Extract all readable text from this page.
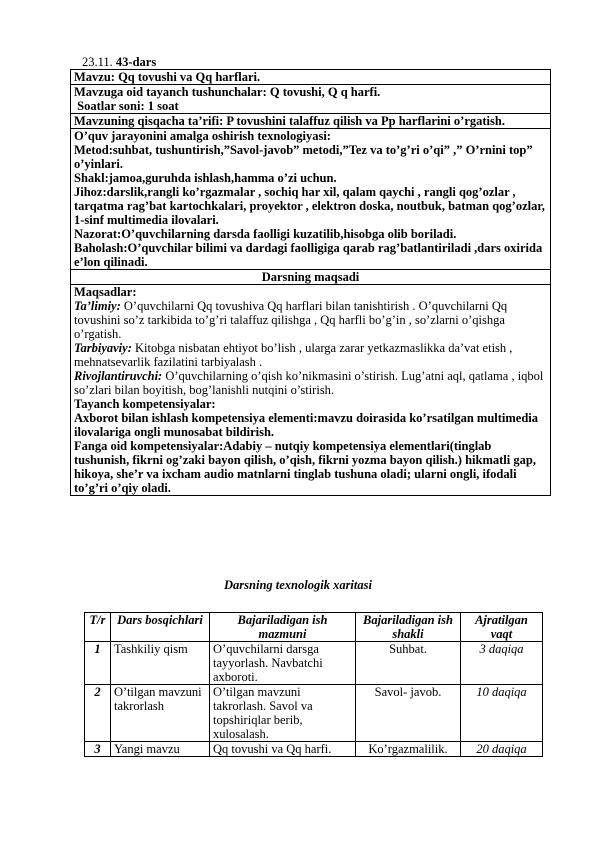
23.11. 43-dars
Mavzu: Qq tovushi va Qq harflari.

Mavzuga oid tayanch tushunchalar: Q tovushi, Q q harfi.
Soatlar soni: 1 soat

Mavzuning qisqacha ta’rifi: P tovushini talaffuz qilish va Pp harflarini o’rgatish.

O’quv jarayonini amalga oshirish texnologiyasi:
Metod:suhbat, tushuntirish,”Savol-javob” metodi,”Tez va to’g’ri o’qi” ,” O’rnini top” o’yinlari.
Shakl:jamoa,guruhda ishlash,hamma o’zi uchun.
Jihoz:darslik,rangli ko’rgazmalar , sochiq har xil, qalam qaychi , rangli qog’ozlar , tarqatma rag’bat kartochkalari, proyektor , elektron doska, noutbuk, batman qog’ozlar, 1-sinf multimedia ilovalari.
Nazorat:O’quvchilarning darsda faolligi kuzatilib,hisobga olib boriladi.
Baholash:O’quvchilar bilimi va dardagi faolligiga qarab rag’batlantiriladi ,dars oxirida e’lon qilinadi.

Darsning maqsadi

Maqsadlar:
Ta’limiy: O’quvchilarni Qq tovushiva Qq harflari bilan tanishtirish . O’quvchilarni Qq tovushini so’z tarkibida to’g’ri talaffuz qilishga , Qq harfli bo’g’in , so’zlarni o’qishga o’rgatish.
Tarbiyaviy: Kitobga nisbatan ehtiyot bo’lish , ularga zarar yetkazmaslikka da’vat etish , mehnatsevarlik fazilatini tarbiyalash .
Rivojlantiruvchi: O’quvchilarning o’qish ko’nikmasini o’stirish. Lug’atni aql, qatlama , iqbol so’zlari bilan boyitish, bog’lanishli nutqini o’stirish.
Tayanch kompetensiyalar:
Axborot bilan ishlash kompetensiya elementi:mavzu doirasida ko’rsatilgan multimedia ilovalariga ongli munosabat bildirish.
Fanga oid kompetensiyalar:Adabiy – nutqiy kompetensiya elementlari(tinglab tushunish, fikrni og’zaki bayon qilish, o’qish, fikrni yozma bayon qilish.) hikmatli gap, hikoya, she’r va ixcham audio matnlarni tinglab tushuna oladi; ularni ongli, ifodali to’g’ri o’qiy oladi.
Darsning texnologik xaritasi
T/r	Dars bosqichlari	Bajariladigan ish mazmuni	Bajariladigan ish shakli	Ajratilgan vaqt
1	Tashkiliy qism	O’quvchilarni darsga tayyorlash. Navbatchi axboroti.	Suhbat.	3 daqiqa
2	O’tilgan mavzuni takrorlash	O’tilgan mavzuni takrorlash. Savol va topshiriqlar berib, xulosalash.	Savol- javob.	10 daqiqa
3	Yangi mavzu	Qq tovushi va Qq harfi.	Ko’rgazmalilik.	20 daqiqa
